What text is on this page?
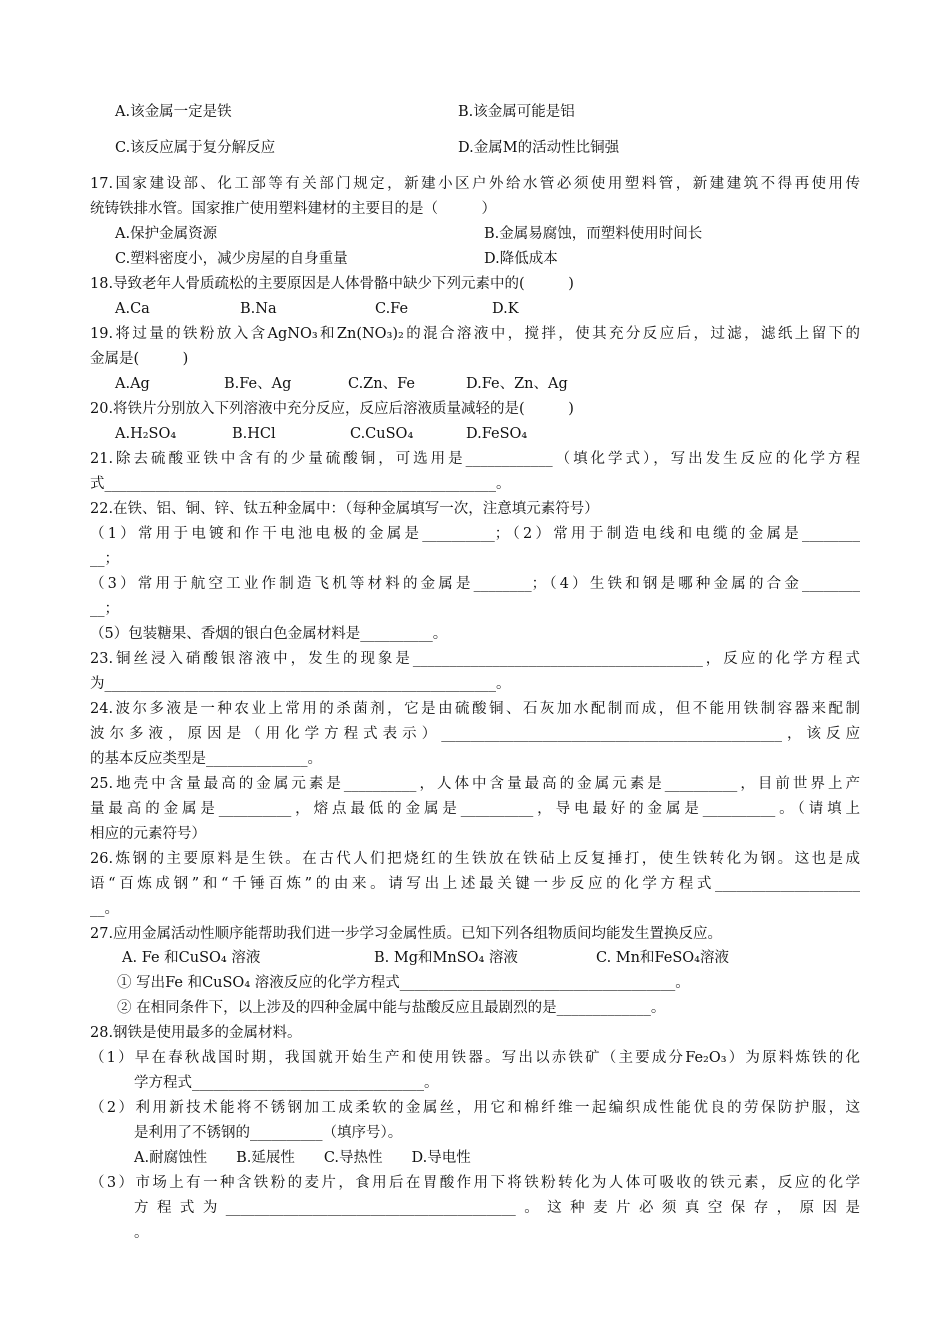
A.该金属一定是铁	B.该金属可能是铝
C.该反应属于复分解反应	D.金属M的活动性比铜强
17.国家建设部、化工部等有关部门规定，新建小区户外给水管必须使用塑料管，新建建筑不得再使用传
统铸铁排水管。国家推广使用塑料建材的主要目的是（　　　）
A.保护金属资源	B.金属易腐蚀，而塑料使用时间长
C.塑料密度小，减少房屋的自身重量	D.降低成本
18.导致老年人骨质疏松的主要原因是人体骨骼中缺少下列元素中的(　　　)
A.Ca	B.Na	C.Fe	D.K
19.将过量的铁粉放入含AgNO₃和Zn(NO₃)₂的混合溶液中，搅拌，使其充分反应后，过滤，滤纸上留下的
金属是(　　　)
A.Ag	B.Fe、Ag	C.Zn、Fe	D.Fe、Zn、Ag
20.将铁片分别放入下列溶液中充分反应，反应后溶液质量减轻的是(　　　)
A.H₂SO₄	B.HCl	C.CuSO₄	D.FeSO₄
21.除去硫酸亚铁中含有的少量硫酸铜，可选用是____________（填化学式），写出发生反应的化学方程
式______________________________________________________。
22.在铁、铝、铜、锌、钛五种金属中：（每种金属填写一次，注意填元素符号）
（1）常用于电镀和作干电池电极的金属是__________；（2）常用于制造电线和电缆的金属是________
__；
（3）常用于航空工业作制造飞机等材料的金属是________；（4）生铁和钢是哪种金属的合金________
__；
（5）包装糖果、香烟的银白色金属材料是__________。
23.铜丝浸入硝酸银溶液中，发生的现象是________________________________________，反应的化学方程式
为______________________________________________________。
24.波尔多液是一种农业上常用的杀菌剂，它是由硫酸铜、石灰加水配制而成，但不能用铁制容器来配制
波尔多液，原因是（用化学方程式表示）_______________________________________________，该反应
的基本反应类型是______________。
25.地壳中含量最高的金属元素是__________，人体中含量最高的金属元素是__________，目前世界上产
量最高的金属是__________，熔点最低的金属是__________，导电最好的金属是__________。（请填上
相应的元素符号）
26.炼钢的主要原料是生铁。在古代人们把烧红的生铁放在铁砧上反复捶打，使生铁转化为钢。这也是成
语“百炼成钢”和“千锤百炼”的由来。请写出上述最关键一步反应的化学方程式____________________
__。
27.应用金属活动性顺序能帮助我们进一步学习金属性质。已知下列各组物质间均能发生置换反应。
A. Fe 和CuSO₄ 溶液	B. Mg和MnSO₄ 溶液	C. Mn和FeSO₄溶液
① 写出Fe 和CuSO₄ 溶液反应的化学方程式______________________________________。
② 在相同条件下，以上涉及的四种金属中能与盐酸反应且最剧烈的是_____________。
28.钢铁是使用最多的金属材料。
（1）早在春秋战国时期，我国就开始生产和使用铁器。写出以赤铁矿（主要成分Fe₂O₃）为原料炼铁的化
学方程式________________________________。
（2）利用新技术能将不锈钢加工成柔软的金属丝，用它和棉纤维一起编织成性能优良的劳保防护服，这
是利用了不锈钢的__________（填序号）。
A.耐腐蚀性　　B.延展性　　C.导热性　　D.导电性
（3）市场上有一种含铁粉的麦片，食用后在胃酸作用下将铁粉转化为人体可吸收的铁元素，反应的化学
方程式为________________________________________。这种麦片必须真空保存，原因是
。
